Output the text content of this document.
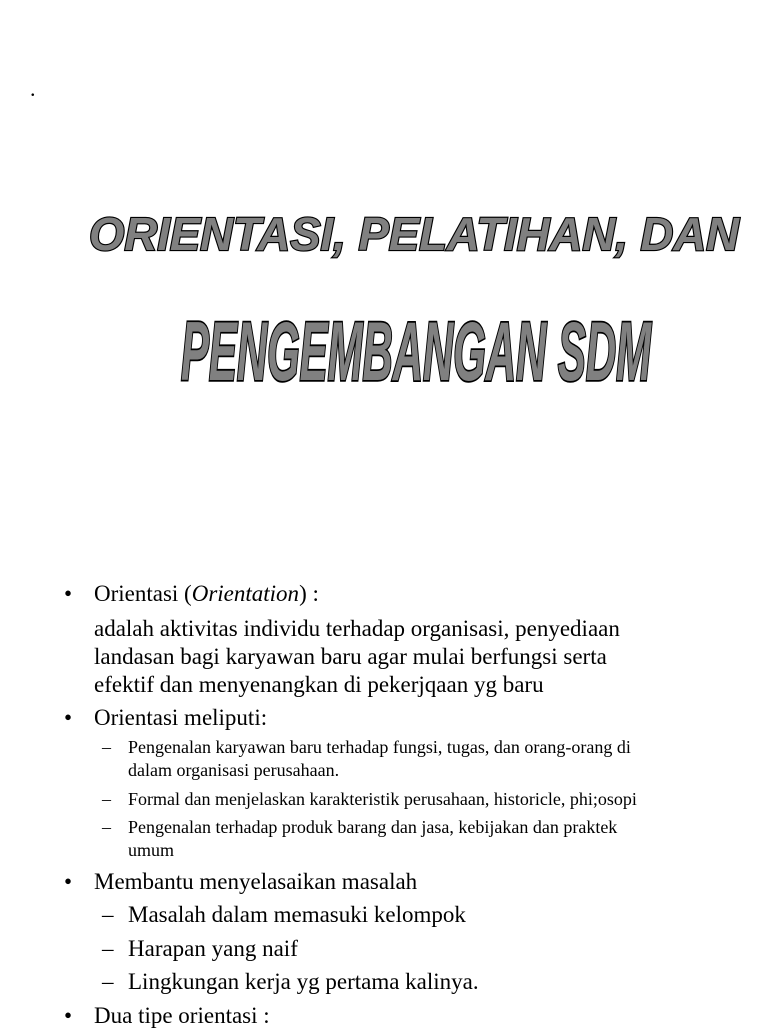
.
ORIENTASI, PELATIHAN, DAN
PENGEMBANGAN SDM
• Orientasi (Orientation) :
adalah aktivitas individu terhadap organisasi, penyediaan
landasan bagi karyawan baru agar mulai berfungsi serta
efektif dan menyenangkan di pekerjqaan yg baru
• Orientasi meliputi:
– Pengenalan karyawan baru terhadap fungsi, tugas, dan orang-orang di
dalam organisasi perusahaan.
– Formal dan menjelaskan karakteristik perusahaan, historicle, phi;osopi
– Pengenalan terhadap produk barang dan jasa, kebijakan dan praktek
umum
• Membantu menyelasaikan masalah
– Masalah dalam memasuki kelompok
– Harapan yang naif
– Lingkungan kerja yg pertama kalinya.
• Dua tipe orientasi :
